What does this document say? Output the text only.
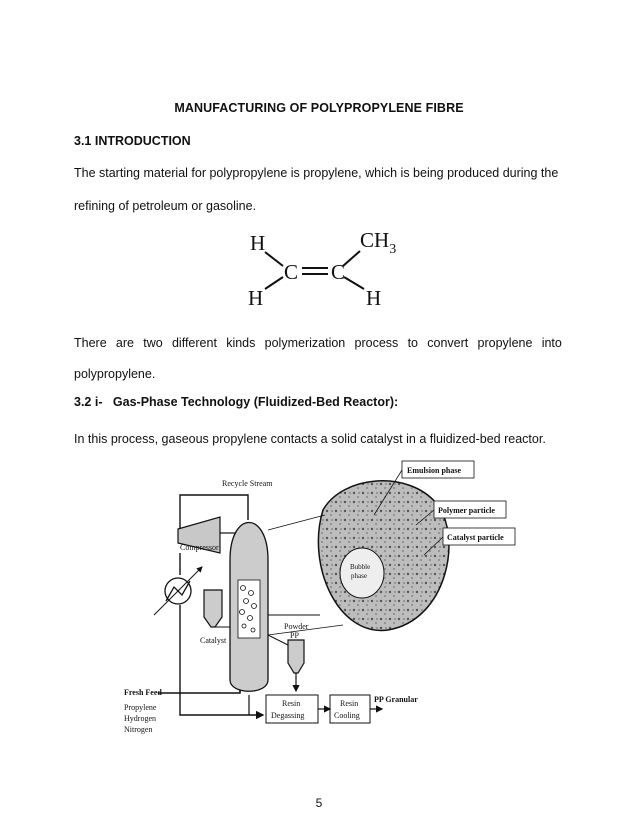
MANUFACTURING OF POLYPROPYLENE FIBRE
3.1 INTRODUCTION
The starting material for polypropylene is propylene, which is being produced during the
refining of petroleum or gasoline.
H	$CH_3$
C C
H	H
There are two different kinds polymerization process to convert propylene into
polypropylene.
3.2 i- Gas-Phase Technology (Fluidized-Bed Reactor):
In this process, gaseous propylene contacts a solid catalyst in a fluidized-bed reactor.
Recycle Stream
Compressor
Catalyst
Powder
PP
Fresh Feed
Propylene
Hydrogen
Nitrogen
Resin
Degassing
Resin
Cooling
PP Granular
Emulsion phase
Polymer particle
Catalyst particle
Bubble
phase
5
